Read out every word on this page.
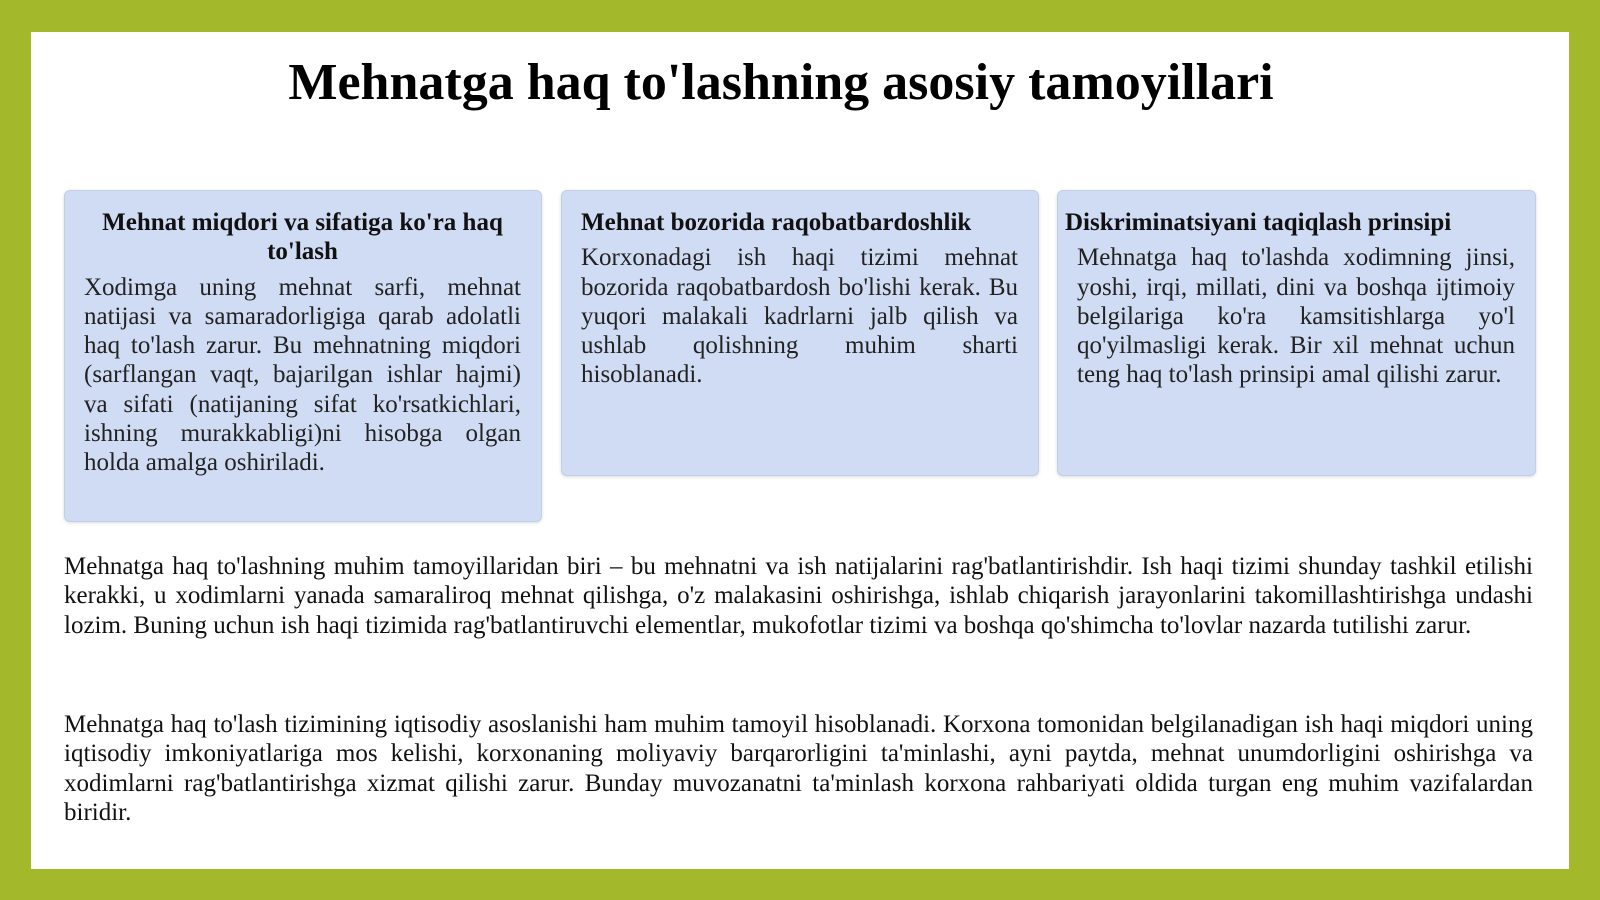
Mehnatga haq to'lashning asosiy tamoyillari
Mehnat miqdori va sifatiga ko'ra haq to'lash

Xodimga uning mehnat sarfi, mehnat natijasi va samaradorligiga qarab adolatli haq to'lash zarur. Bu mehnatning miqdori (sarflangan vaqt, bajarilgan ishlar hajmi) va sifati (natijaning sifat ko'rsatkichlari, ishning murakkabligi)ni hisobga olgan holda amalga oshiriladi.

Mehnat bozorida raqobatbardoshlik

Korxonadagi ish haqi tizimi mehnat bozorida raqobatbardosh bo'lishi kerak. Bu yuqori malakali kadrlarni jalb qilish va ushlab qolishning muhim sharti hisoblanadi.

Diskriminatsiyani taqiqlash prinsipi

Mehnatga haq to'lashda xodimning jinsi, yoshi, irqi, millati, dini va boshqa ijtimoiy belgilariga ko'ra kamsitishlarga yo'l qo'yilmasligi kerak. Bir xil mehnat uchun teng haq to'lash prinsipi amal qilishi zarur.

Mehnatga haq to'lashning muhim tamoyillaridan biri – bu mehnatni va ish natijalarini rag'batlantirishdir. Ish haqi tizimi shunday tashkil etilishi kerakki, u xodimlarni yanada samaraliroq mehnat qilishga, o'z malakasini oshirishga, ishlab chiqarish jarayonlarini takomillashtirishga undashi lozim. Buning uchun ish haqi tizimida rag'batlantiruvchi elementlar, mukofotlar tizimi va boshqa qo'shimcha to'lovlar nazarda tutilishi zarur.

Mehnatga haq to'lash tizimining iqtisodiy asoslanishi ham muhim tamoyil hisoblanadi. Korxona tomonidan belgilanadigan ish haqi miqdori uning iqtisodiy imkoniyatlariga mos kelishi, korxonaning moliyaviy barqarorligini ta'minlashi, ayni paytda, mehnat unumdorligini oshirishga va xodimlarni rag'batlantirishga xizmat qilishi zarur. Bunday muvozanatni ta'minlash korxona rahbariyati oldida turgan eng muhim vazifalardan biridir.
